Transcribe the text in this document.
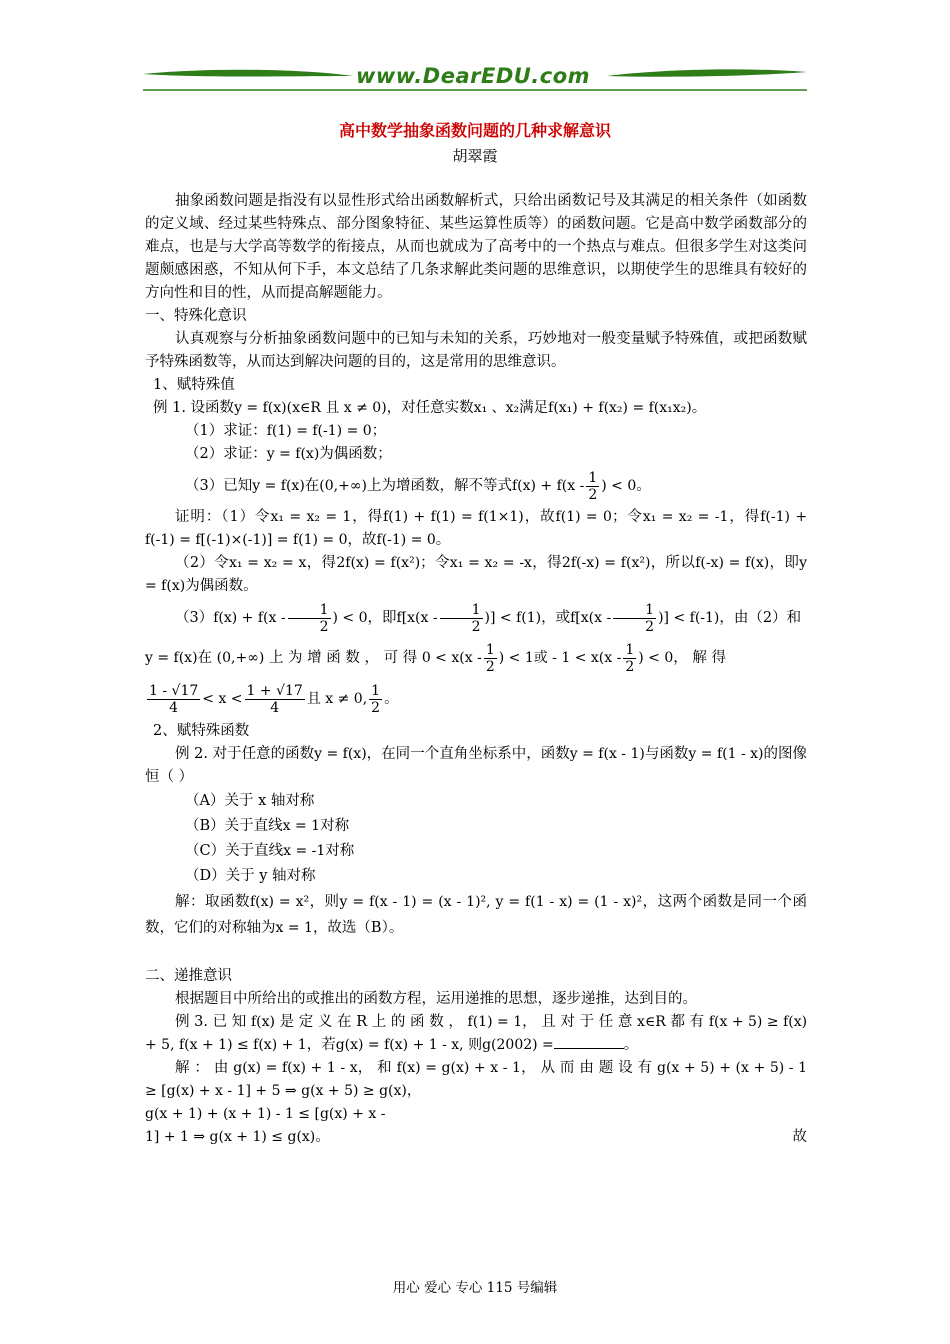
www.DearEDU.com
高中数学抽象函数问题的几种求解意识
胡翠霞

抽象函数问题是指没有以显性形式给出函数解析式，只给出函数记号及其满足的相关条件（如函数的定义域、经过某些特殊点、部分图象特征、某些运算性质等）的函数问题。它是高中数学函数部分的难点，也是与大学高等数学的衔接点，从而也就成为了高考中的一个热点与难点。但很多学生对这类问题颇感困惑，不知从何下手，本文总结了几条求解此类问题的思维意识，以期使学生的思维具有较好的方向性和目的性，从而提高解题能力。

一、特殊化意识

认真观察与分析抽象函数问题中的已知与未知的关系，巧妙地对一般变量赋予特殊值，或把函数赋予特殊函数等，从而达到解决问题的目的，这是常用的思维意识。

1、赋特殊值

例 1. 设函数y = f(x)(x∈R 且 x ≠ 0)，对任意实数x₁ 、x₂满足f(x₁) + f(x₂) = f(x₁x₂)。

（1）求证：f(1) = f(-1) = 0；

（2）求证：y = f(x)为偶函数；

（3）已知y = f(x)在(0,+∞)上为增函数，解不等式$f(x) + f(x - \frac{1}{2}$ ) < 0。

证明：（1）令x₁ = x₂ = 1，得f(1) + f(1) = f(1×1)，故f(1) = 0；令x₁ = x₂ = -1，得f(-1) + f(-1) = f[(-1)×(-1)] = f(1) = 0，故f(-1) = 0。

（2）令x₁ = x₂ = x，得2f(x) = f(x²)；令x₁ = x₂ = -x，得2f(-x) = f(x²)，所以f(-x) = f(x)，即y = f(x)为偶函数。

$(3)f(x) + f(x - \frac{1}{2}$ ) < 0，即$f[x(x - \frac{1}{2}$ )] < f(1)，或$f[x(x - \frac{1}{2}$ )] < f(-1)，由（2）和

y = f(x)在 (0,+∞) 上 为 增 函 数 ， 可 得 $0 < x(x - \frac{1}{2}$ ) < 1或 - $1 < x(x - \frac{1}{2}$ ) < 0， 解 得

$\frac{1 - √17}{4} < x < \frac{1 + √17}{4}$ 且 x ≠ 0, $\frac{1}{2}$ 。

2、赋特殊函数

例 2. 对于任意的函数y = f(x)，在同一个直角坐标系中，函数y = f(x - 1)与函数y = f(1 - x)的图像恒（ ）

（A）关于 x 轴对称

（B）关于直线x = 1对称

（C）关于直线x = -1对称

（D）关于 y 轴对称

解：取函数f(x) = x²，则y = f(x - 1) = (x - 1)², y = f(1 - x) = (1 - x)²，这两个函数是同一个函数，它们的对称轴为x = 1，故选（B）。

二、递推意识

根据题目中所给出的或推出的函数方程，运用递推的思想，逐步递推，达到目的。

例 3. 已 知 f(x) 是 定 义 在 R 上 的 函 数 ， f(1) = 1， 且 对 于 任 意 x∈R 都 有 f(x + 5) ≥ f(x) + 5, f(x + 1) ≤ f(x) + 1，若g(x) = f(x) + 1 - x, 则g(2002) =	。

解 ： 由 g(x) = f(x) + 1 - x， 和 f(x) = g(x) + x - 1， 从 而 由 题 设 有 g(x + 5) + (x + 5) - 1 ≥ [g(x) + x - 1] + 5 ⇒ g(x + 5) ≥ g(x)，

g(x + 1) + (x + 1) - 1 ≤ [g(x) + x -

1] + 1 ⇒ g(x + 1) ≤ g(x)。	故

用心 爱心 专心 115 号编辑
